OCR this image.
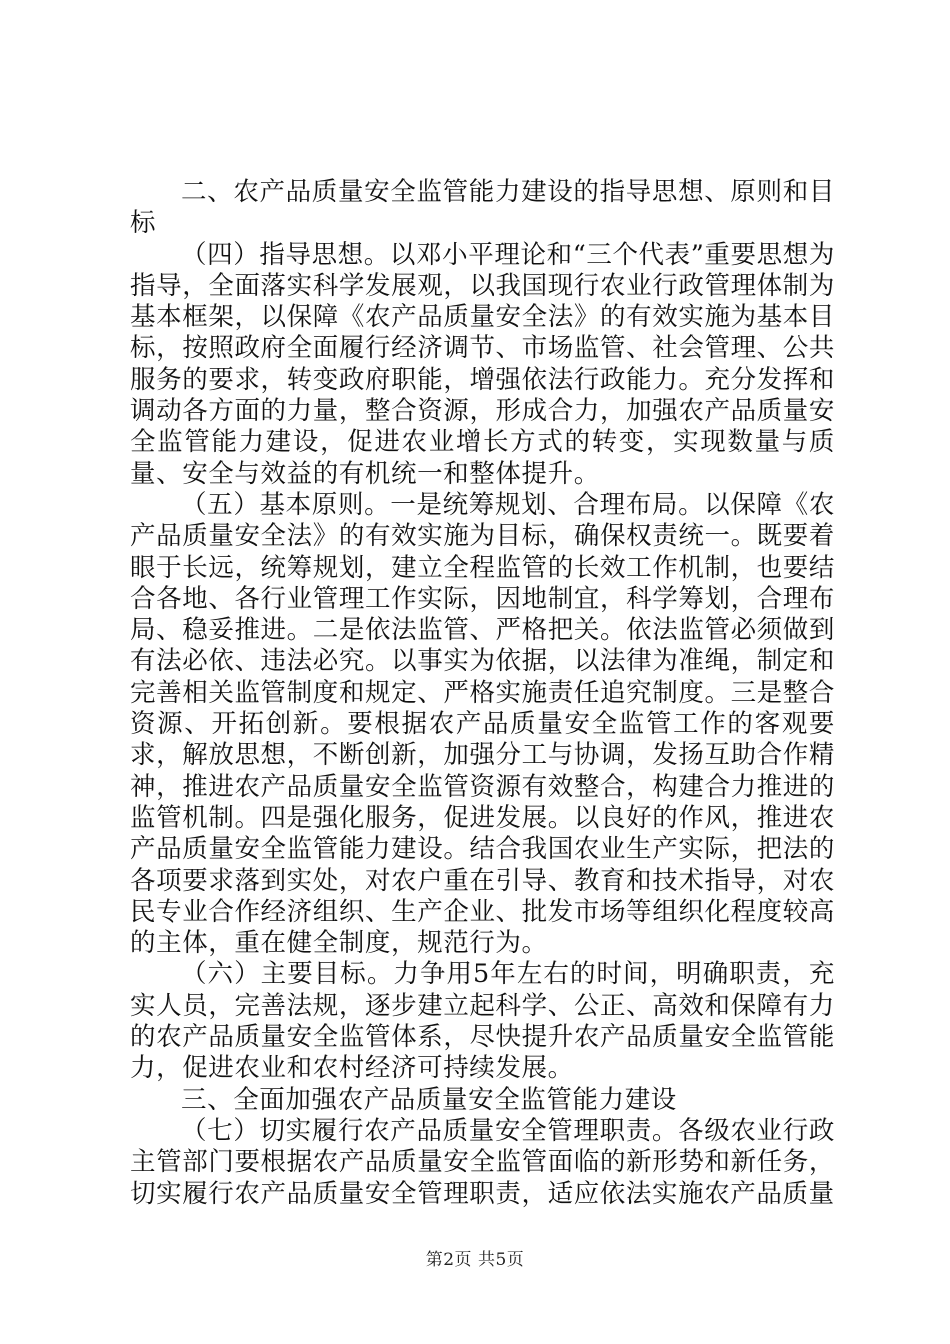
二、农产品质量安全监管能力建设的指导思想、原则和目标

（四）指导思想。以邓小平理论和“三个代表”重要思想为指导，全面落实科学发展观，以我国现行农业行政管理体制为基本框架，以保障《农产品质量安全法》的有效实施为基本目标，按照政府全面履行经济调节、市场监管、社会管理、公共服务的要求，转变政府职能，增强依法行政能力。充分发挥和调动各方面的力量，整合资源，形成合力，加强农产品质量安全监管能力建设，促进农业增长方式的转变，实现数量与质量、安全与效益的有机统一和整体提升。

（五）基本原则。一是统筹规划、合理布局。以保障《农产品质量安全法》的有效实施为目标，确保权责统一。既要着眼于长远，统筹规划，建立全程监管的长效工作机制，也要结合各地、各行业管理工作实际，因地制宜，科学筹划，合理布局、稳妥推进。二是依法监管、严格把关。依法监管必须做到有法必依、违法必究。以事实为依据，以法律为准绳，制定和完善相关监管制度和规定、严格实施责任追究制度。三是整合资源、开拓创新。要根据农产品质量安全监管工作的客观要求，解放思想，不断创新，加强分工与协调，发扬互助合作精神，推进农产品质量安全监管资源有效整合，构建合力推进的监管机制。四是强化服务，促进发展。以良好的作风，推进农产品质量安全监管能力建设。结合我国农业生产实际，把法的各项要求落到实处，对农户重在引导、教育和技术指导，对农民专业合作经济组织、生产企业、批发市场等组织化程度较高的主体，重在健全制度，规范行为。

（六）主要目标。力争用5年左右的时间，明确职责，充实人员，完善法规，逐步建立起科学、公正、高效和保障有力的农产品质量安全监管体系，尽快提升农产品质量安全监管能力，促进农业和农村经济可持续发展。

三、全面加强农产品质量安全监管能力建设

（七）切实履行农产品质量安全管理职责。各级农业行政主管部门要根据农产品质量安全监管面临的新形势和新任务，切实履行农产品质量安全管理职责，适应依法实施农产品质量

第2页 共5页
